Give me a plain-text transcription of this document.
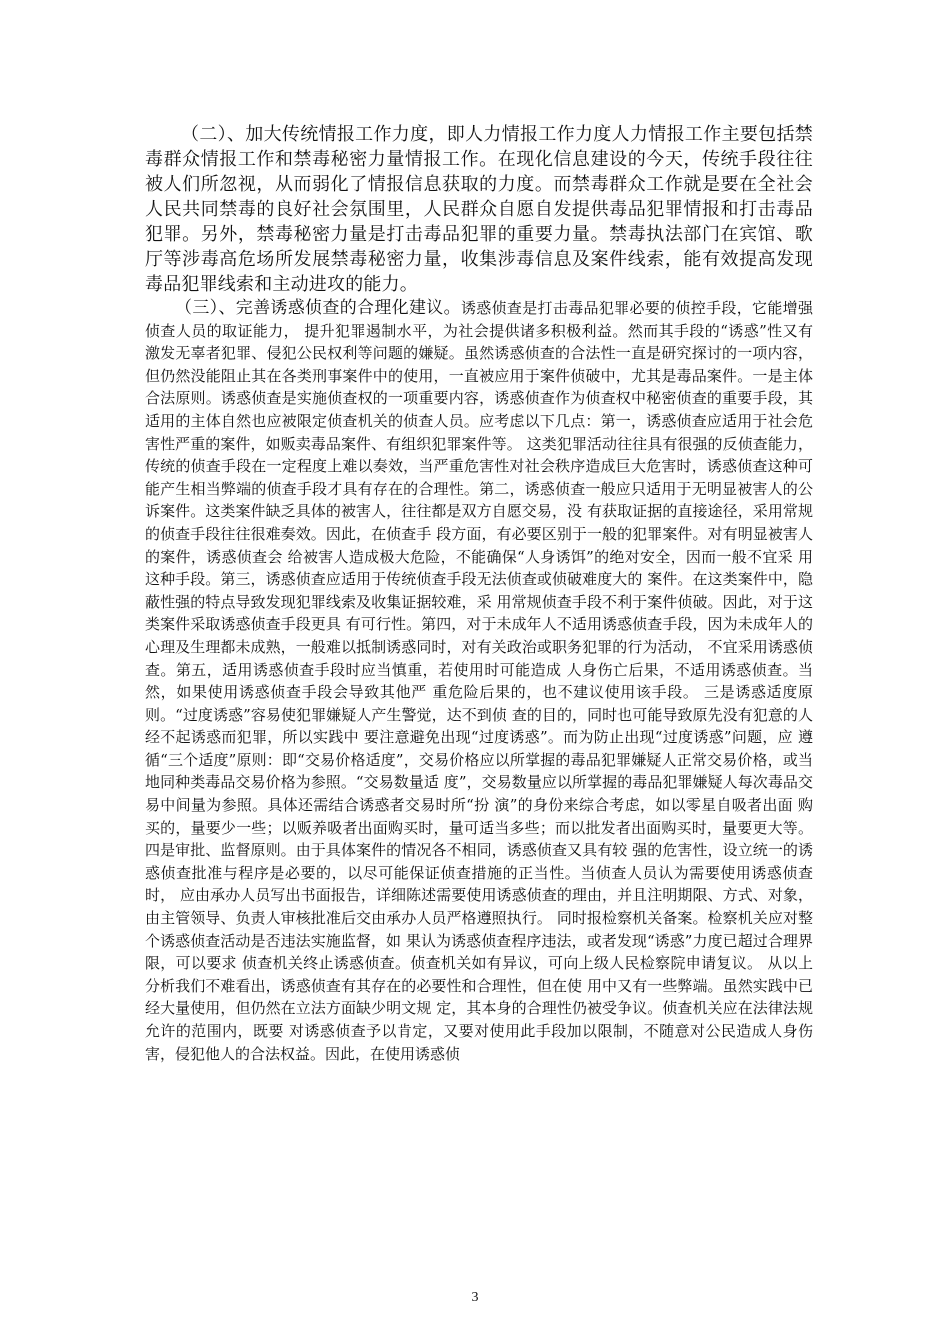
（二）、加大传统情报工作力度，即人力情报工作力度人力情报工作主要包括禁毒群众情报工作和禁毒秘密力量情报工作。在现化信息建设的今天，传统手段往往被人们所忽视，从而弱化了情报信息获取的力度。而禁毒群众工作就是要在全社会人民共同禁毒的良好社会氛围里，人民群众自愿自发提供毒品犯罪情报和打击毒品犯罪。另外，禁毒秘密力量是打击毒品犯罪的重要力量。禁毒执法部门在宾馆、歌厅等涉毒高危场所发展禁毒秘密力量，收集涉毒信息及案件线索，能有效提高发现毒品犯罪线索和主动进攻的能力。

（三）、完善诱惑侦查的合理化建议。诱惑侦查是打击毒品犯罪必要的侦控手段，它能增强侦查人员的取证能力， 提升犯罪遏制水平，为社会提供诸多积极利益。然而其手段的“诱惑”性又有 激发无辜者犯罪、侵犯公民权利等问题的嫌疑。虽然诱惑侦查的合法性一直是研究探讨的一项内容，但仍然没能阻止其在各类刑事案件中的使用，一直被应用于案件侦破中，尤其是毒品案件。一是主体合法原则。诱惑侦查是实施侦查权的一项重要内容，诱惑侦查作为侦查权中秘密侦查的重要手段，其适用的主体自然也应被限定侦查机关的侦查人员。应考虑以下几点：第一，诱惑侦查应适用于社会危害性严重的案件，如贩卖毒品案件、有组织犯罪案件等。 这类犯罪活动往往具有很强的反侦查能力，传统的侦查手段在一定程度上难以奏效，当严重危害性对社会秩序造成巨大危害时，诱惑侦查这种可能产生相当弊端的侦查手段才具有存在的合理性。第二，诱惑侦查一般应只适用于无明显被害人的公诉案件。这类案件缺乏具体的被害人，往往都是双方自愿交易，没 有获取证据的直接途径，采用常规的侦查手段往往很难奏效。因此，在侦查手 段方面，有必要区别于一般的犯罪案件。对有明显被害人的案件，诱惑侦查会 给被害人造成极大危险，不能确保“人身诱饵”的绝对安全，因而一般不宜采 用这种手段。第三，诱惑侦查应适用于传统侦查手段无法侦查或侦破难度大的 案件。在这类案件中，隐蔽性强的特点导致发现犯罪线索及收集证据较难，采 用常规侦查手段不利于案件侦破。因此，对于这类案件采取诱惑侦查手段更具 有可行性。第四，对于未成年人不适用诱惑侦查手段，因为未成年人的心理及生理都未成熟，一般难以抵制诱惑同时，对有关政治或职务犯罪的行为活动， 不宜采用诱惑侦查。第五，适用诱惑侦查手段时应当慎重，若使用时可能造成 人身伤亡后果，不适用诱惑侦查。当然，如果使用诱惑侦查手段会导致其他严 重危险后果的，也不建议使用该手段。 三是诱惑适度原则。“过度诱惑”容易使犯罪嫌疑人产生警觉，达不到侦 查的目的，同时也可能导致原先没有犯意的人经不起诱惑而犯罪，所以实践中 要注意避免出现“过度诱惑”。而为防止出现“过度诱惑”问题，应 遵循“三个适度”原则：即“交易价格适度”，交易价格应以所掌握的毒品犯罪嫌疑人正常交易价格，或当地同种类毒品交易价格为参照。“交易数量适 度”，交易数量应以所掌握的毒品犯罪嫌疑人每次毒品交易中间量为参照。具体还需结合诱惑者交易时所“扮 演”的身份来综合考虑，如以零星自吸者出面 购买的，量要少一些；以贩养吸者出面购买时，量可适当多些；而以批发者出面购买时，量要更大等。四是审批、监督原则。由于具体案件的情况各不相同，诱惑侦查又具有较 强的危害性，设立统一的诱惑侦查批准与程序是必要的，以尽可能保证侦查措施的正当性。当侦查人员认为需要使用诱惑侦查时， 应由承办人员写出书面报告，详细陈述需要使用诱惑侦查的理由，并且注明期限、方式、对象，由主管领导、负责人审核批准后交由承办人员严格遵照执行。 同时报检察机关备案。检察机关应对整个诱惑侦查活动是否违法实施监督，如 果认为诱惑侦查程序违法，或者发现“诱惑”力度已超过合理界限，可以要求 侦查机关终止诱惑侦查。侦查机关如有异议，可向上级人民检察院申请复议。 从以上分析我们不难看出，诱惑侦查有其存在的必要性和合理性，但在使 用中又有一些弊端。虽然实践中已经大量使用，但仍然在立法方面缺少明文规 定，其本身的合理性仍被受争议。侦查机关应在法律法规允许的范围内，既要 对诱惑侦查予以肯定，又要对使用此手段加以限制，不随意对公民造成人身伤 害，侵犯他人的合法权益。因此，在使用诱惑侦

3
